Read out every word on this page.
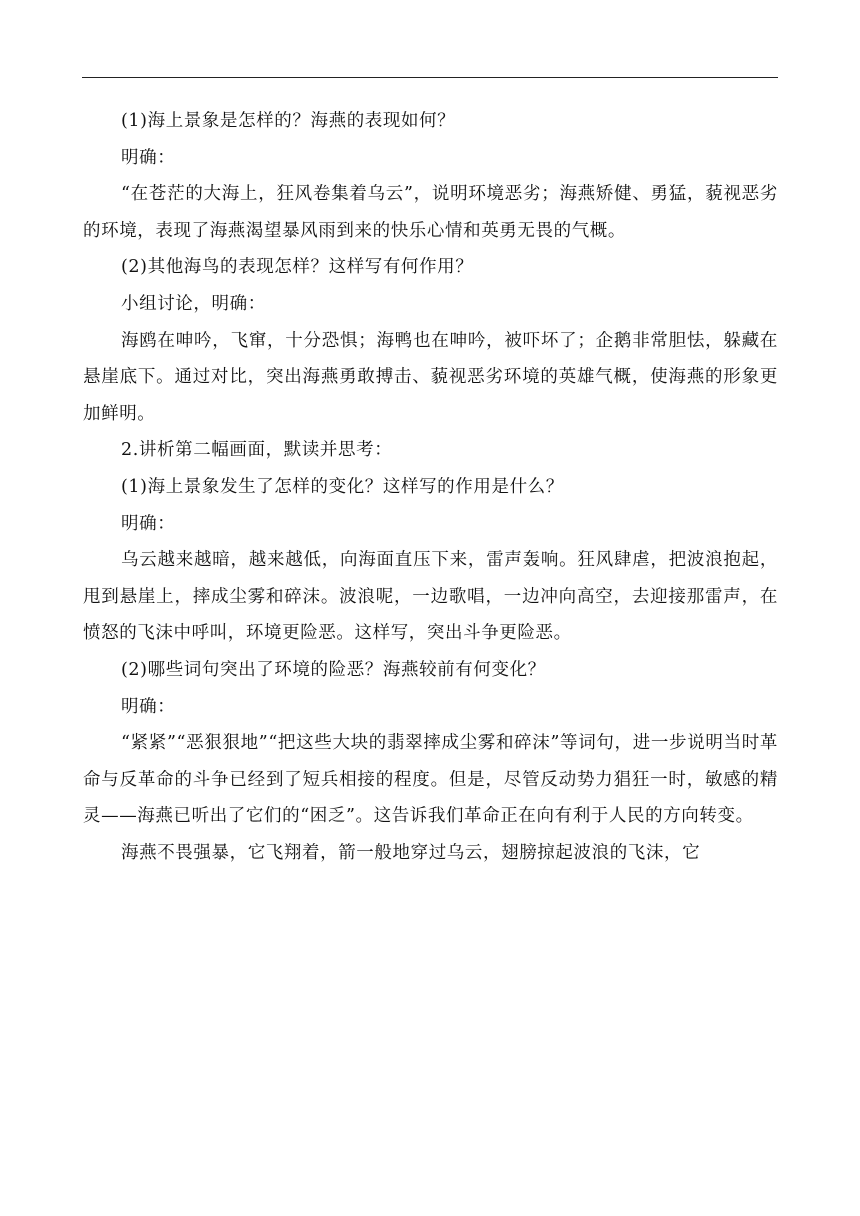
(1)海上景象是怎样的？海燕的表现如何？

明确：

“在苍茫的大海上，狂风卷集着乌云”，说明环境恶劣；海燕矫健、勇猛，藐视恶劣的环境，表现了海燕渴望暴风雨到来的快乐心情和英勇无畏的气概。

(2)其他海鸟的表现怎样？这样写有何作用？

小组讨论，明确：

海鸥在呻吟，飞窜，十分恐惧；海鸭也在呻吟，被吓坏了；企鹅非常胆怯，躲藏在悬崖底下。通过对比，突出海燕勇敢搏击、藐视恶劣环境的英雄气概，使海燕的形象更加鲜明。

2.讲析第二幅画面，默读并思考：

(1)海上景象发生了怎样的变化？这样写的作用是什么？

明确：

乌云越来越暗，越来越低，向海面直压下来，雷声轰响。狂风肆虐，把波浪抱起，甩到悬崖上，摔成尘雾和碎沫。波浪呢，一边歌唱，一边冲向高空，去迎接那雷声，在愤怒的飞沫中呼叫，环境更险恶。这样写，突出斗争更险恶。

(2)哪些词句突出了环境的险恶？海燕较前有何变化？

明确：

“紧紧”“恶狠狠地”“把这些大块的翡翠摔成尘雾和碎沫”等词句，进一步说明当时革命与反革命的斗争已经到了短兵相接的程度。但是，尽管反动势力猖狂一时，敏感的精灵——海燕已听出了它们的“困乏”。这告诉我们革命正在向有利于人民的方向转变。

海燕不畏强暴，它飞翔着，箭一般地穿过乌云，翅膀掠起波浪的飞沫，它
